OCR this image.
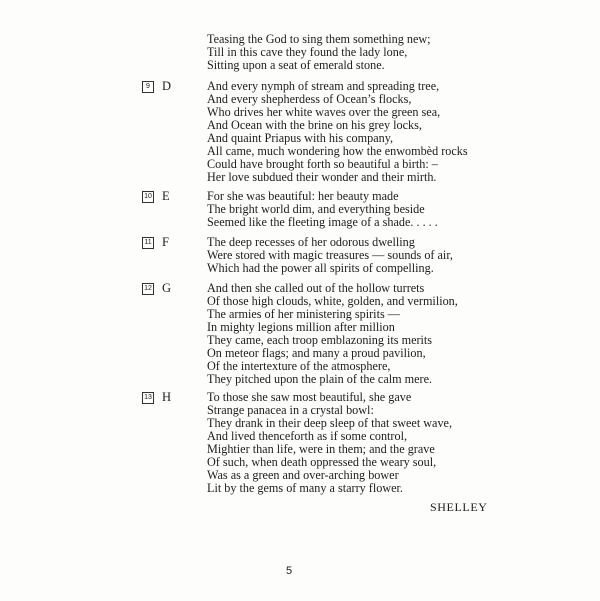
Teasing the God to sing them something new;
Till in this cave they found the lady lone,
Sitting upon a seat of emerald stone.
9 D	And every nymph of stream and spreading tree,
And every shepherdess of Ocean’s flocks,
Who drives her white waves over the green sea,
And Ocean with the brine on his grey locks,
And quaint Priapus with his company,
All came, much wondering how the enwombèd rocks
Could have brought forth so beautiful a birth: –
Her love subdued their wonder and their mirth.
10 E	For she was beautiful: her beauty made
The bright world dim, and everything beside
Seemed like the fleeting image of a shade. . . . .
11 F	The deep recesses of her odorous dwelling
Were stored with magic treasures — sounds of air,
Which had the power all spirits of compelling.
12 G	And then she called out of the hollow turrets
Of those high clouds, white, golden, and vermilion,
The armies of her ministering spirits —
In mighty legions million after million
They came, each troop emblazoning its merits
On meteor flags; and many a proud pavilion,
Of the intertexture of the atmosphere,
They pitched upon the plain of the calm mere.
13 H	To those she saw most beautiful, she gave
Strange panacea in a crystal bowl:
They drank in their deep sleep of that sweet wave,
And lived thenceforth as if some control,
Mightier than life, were in them; and the grave
Of such, when death oppressed the weary soul,
Was as a green and over-arching bower
Lit by the gems of many a starry flower.
SHELLEY
5
